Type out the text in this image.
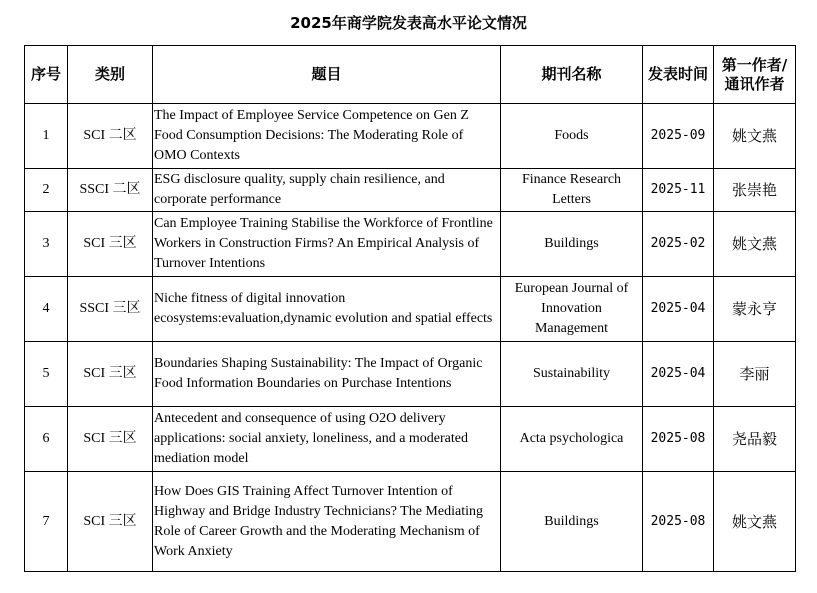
2025年商学院发表高水平论文情况
序号	类别	题目	期刊名称	发表时间	第一作者/
通讯作者

1	SCI 二区	The Impact of Employee Service Competence on Gen Z Food Consumption Decisions: The Moderating Role of OMO Contexts	Foods	2025-09	姚文燕
2	SSCI 二区	ESG disclosure quality, supply chain resilience, and corporate performance	Finance Research Letters	2025-11	张崇艳
3	SCI 三区	Can Employee Training Stabilise the Workforce of Frontline Workers in Construction Firms? An Empirical Analysis of Turnover Intentions	Buildings	2025-02	姚文燕
4	SSCI 三区	Niche fitness of digital innovation ecosystems:evaluation,dynamic evolution and spatial effects	European Journal of Innovation Management	2025-04	蒙永亨
5	SCI 三区	Boundaries Shaping Sustainability: The Impact of Organic Food Information Boundaries on Purchase Intentions	Sustainability	2025-04	李丽
6	SCI 三区	Antecedent and consequence of using O2O delivery applications: social anxiety, loneliness, and a moderated mediation model	Acta psychologica	2025-08	尧品毅
7	SCI 三区	How Does GIS Training Affect Turnover Intention of Highway and Bridge Industry Technicians? The Mediating Role of Career Growth and the Moderating Mechanism of Work Anxiety	Buildings	2025-08	姚文燕
